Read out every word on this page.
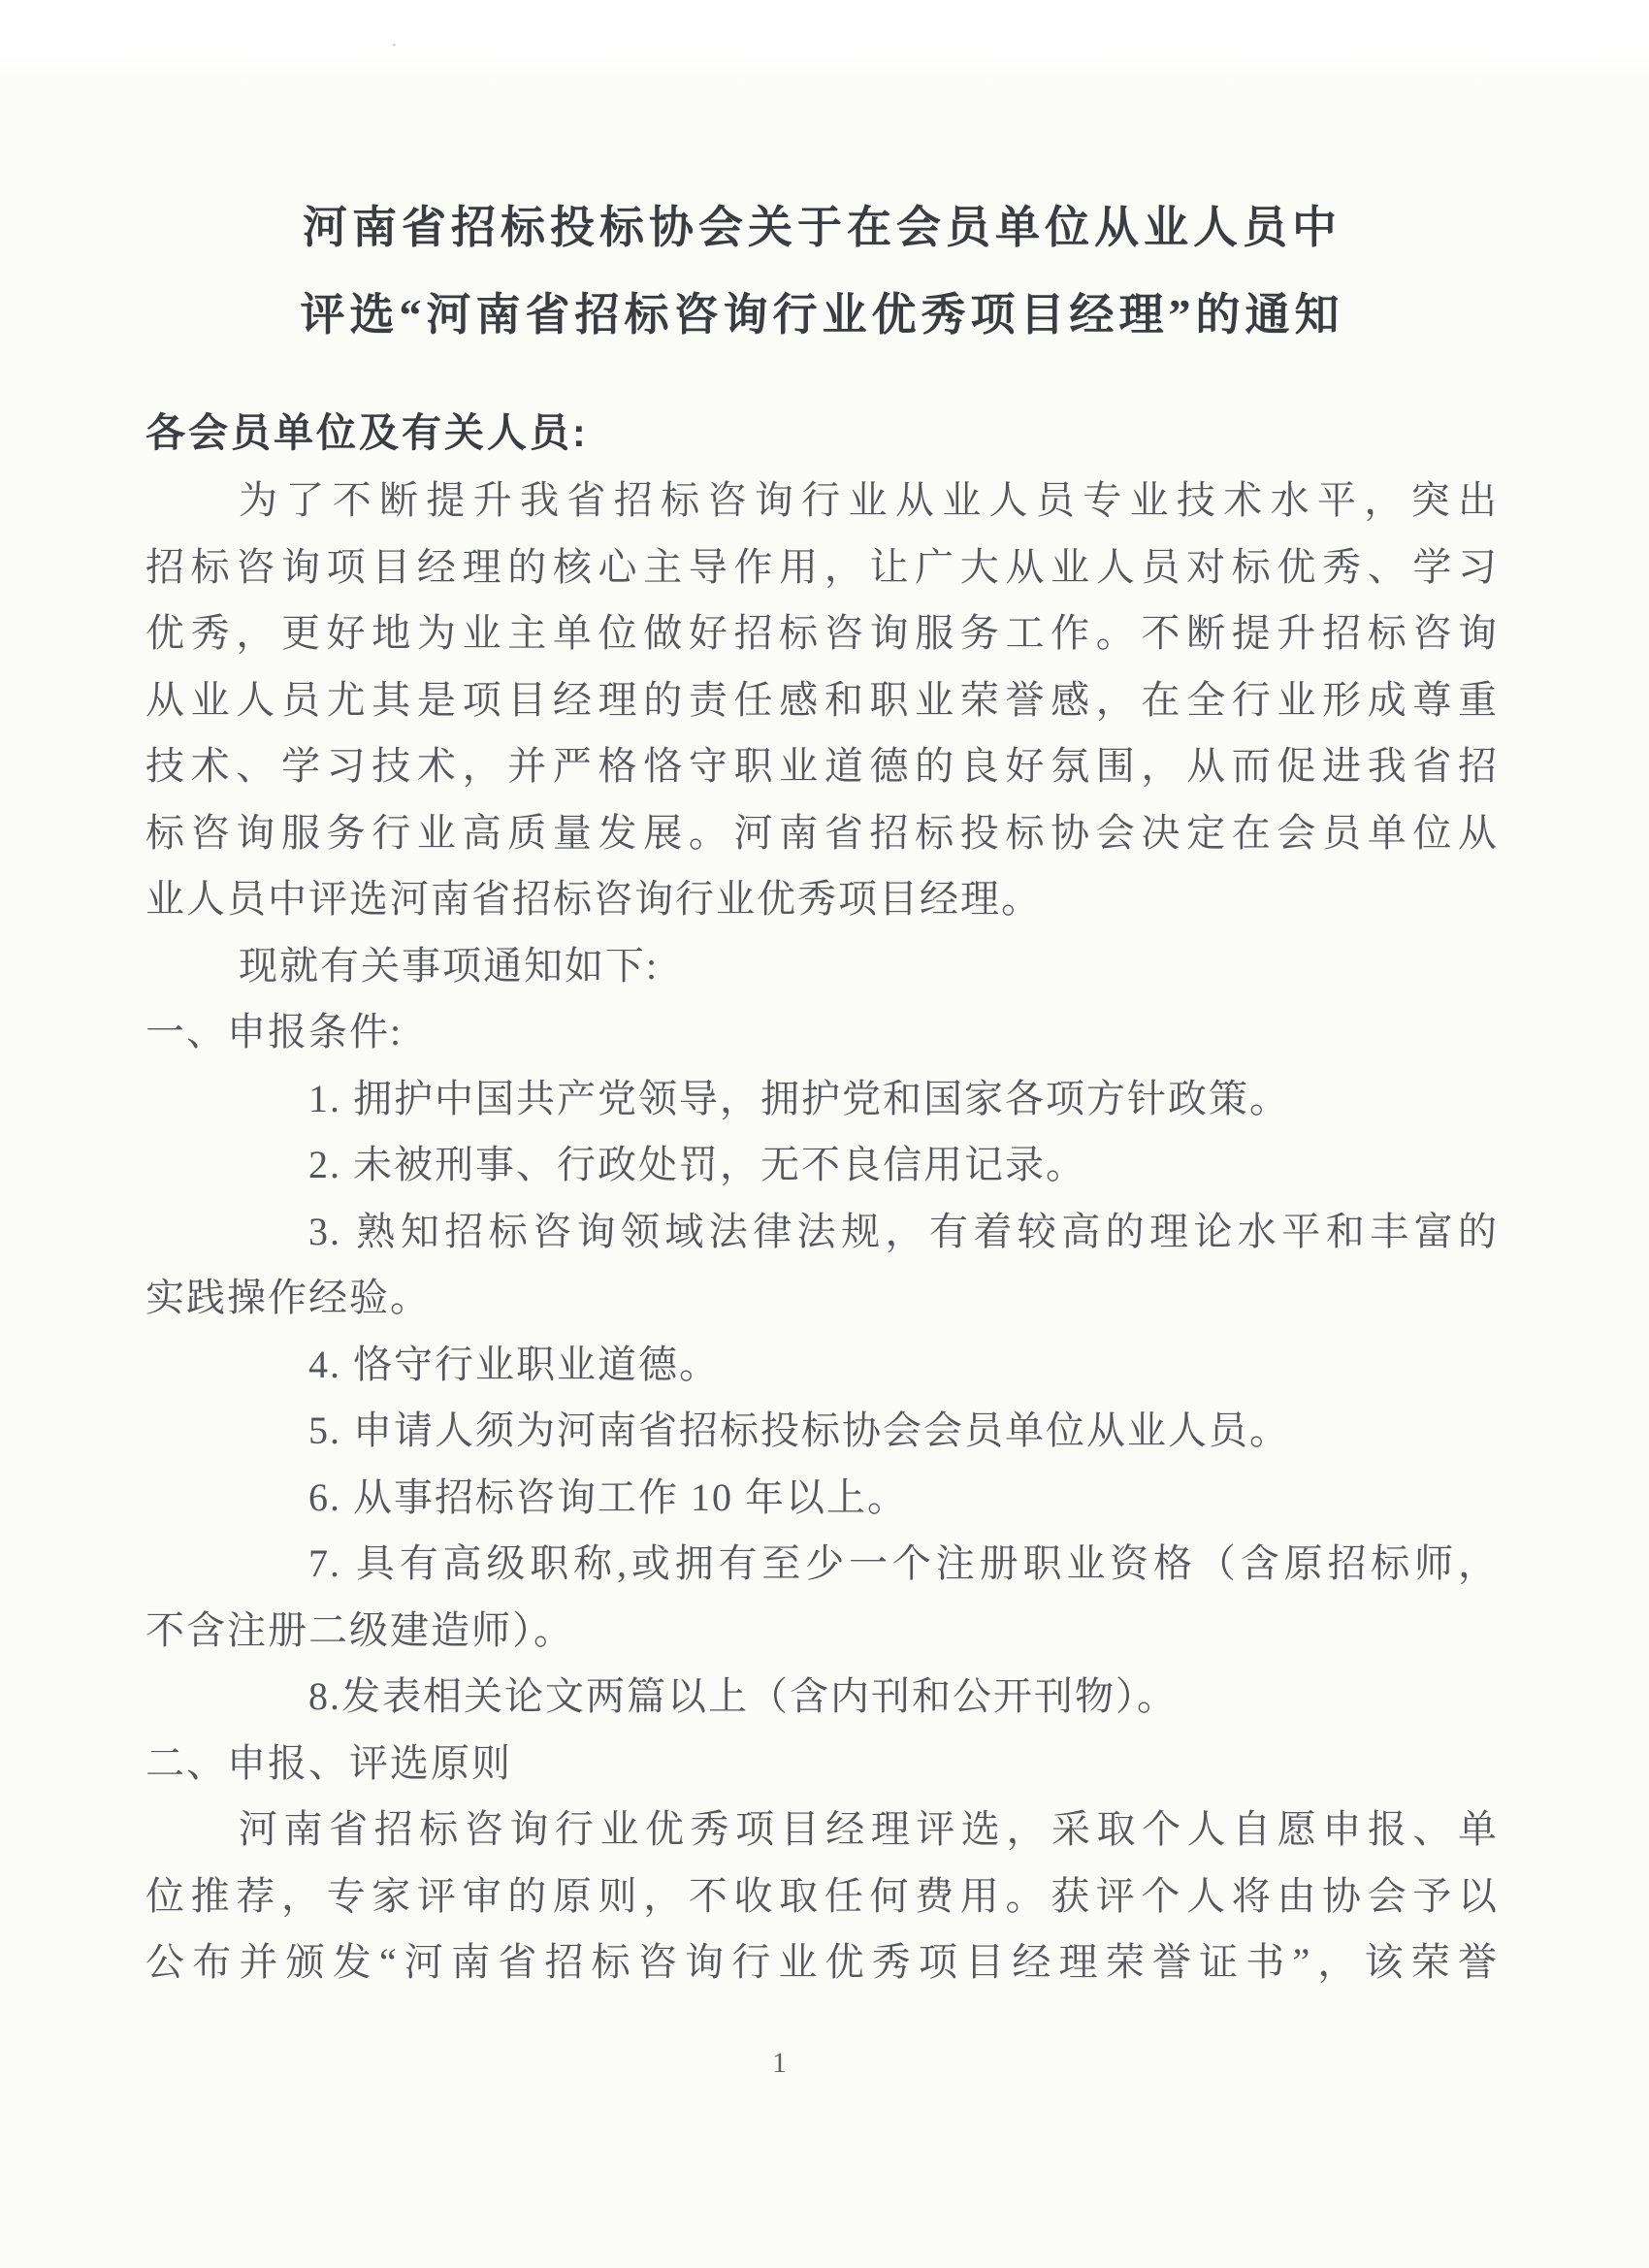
·
河南省招标投标协会关于在会员单位从业人员中
评选“河南省招标咨询行业优秀项目经理”的通知
各会员单位及有关人员:
为了不断提升我省招标咨询行业从业人员专业技术水平，突出
招标咨询项目经理的核心主导作用，让广大从业人员对标优秀、学习
优秀，更好地为业主单位做好招标咨询服务工作。不断提升招标咨询
从业人员尤其是项目经理的责任感和职业荣誉感，在全行业形成尊重
技术、学习技术，并严格恪守职业道德的良好氛围，从而促进我省招
标咨询服务行业高质量发展。河南省招标投标协会决定在会员单位从
业人员中评选河南省招标咨询行业优秀项目经理。
现就有关事项通知如下:
一、申报条件:
1. 拥护中国共产党领导，拥护党和国家各项方针政策。
2. 未被刑事、行政处罚，无不良信用记录。
3. 熟知招标咨询领域法律法规，有着较高的理论水平和丰富的
实践操作经验。
4. 恪守行业职业道德。
5. 申请人须为河南省招标投标协会会员单位从业人员。
6. 从事招标咨询工作 10 年以上。
7. 具有高级职称,或拥有至少一个注册职业资格（含原招标师，
不含注册二级建造师）。
8.发表相关论文两篇以上（含内刊和公开刊物）。
二、申报、评选原则
河南省招标咨询行业优秀项目经理评选，采取个人自愿申报、单
位推荐，专家评审的原则，不收取任何费用。获评个人将由协会予以
公布并颁发“河南省招标咨询行业优秀项目经理荣誉证书”，该荣誉
1
